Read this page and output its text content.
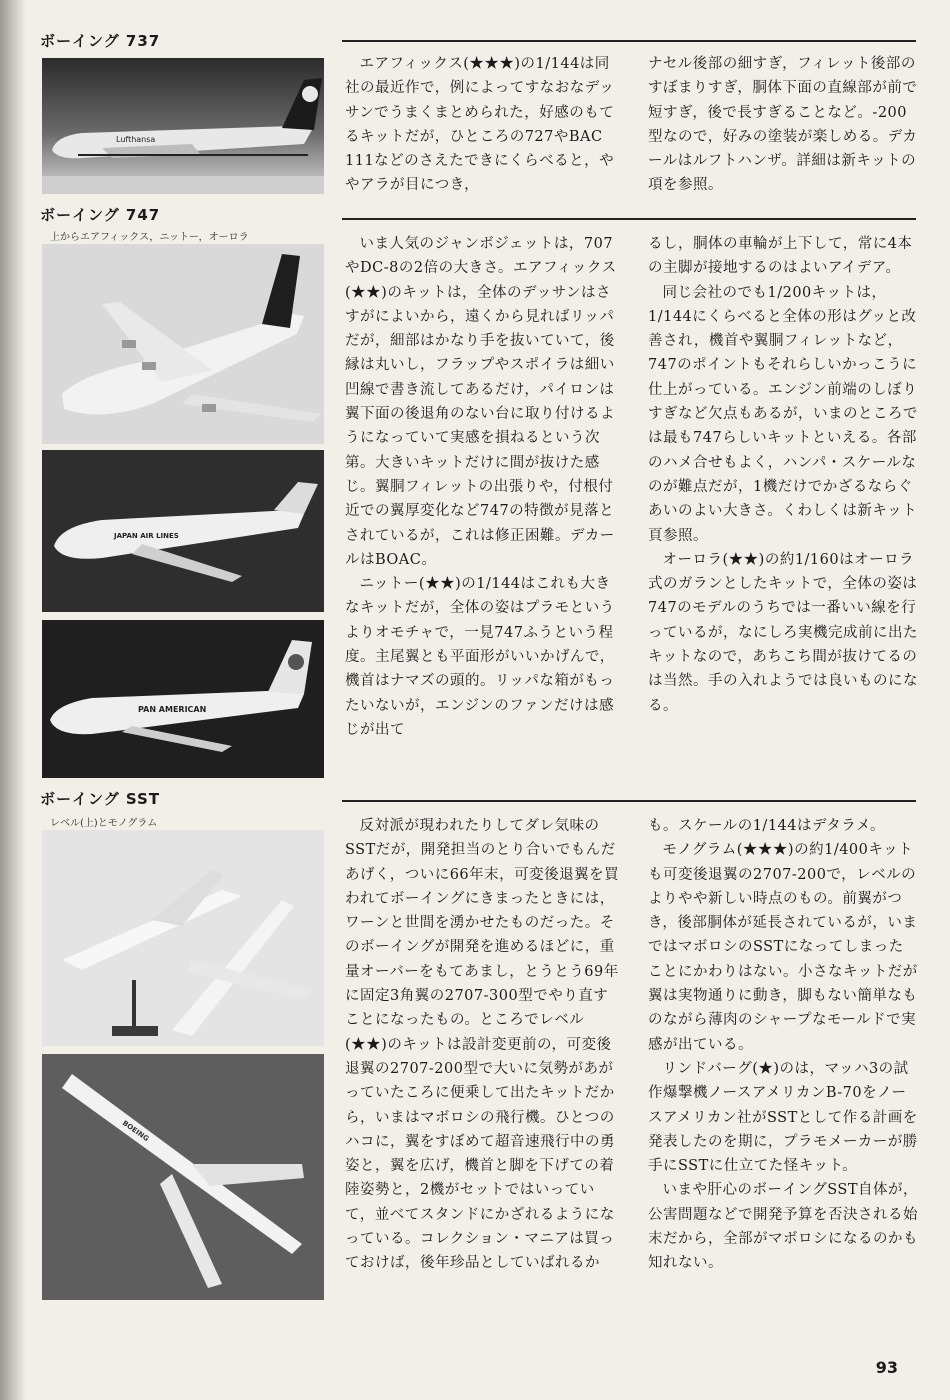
ボーイング 737
Lufthansa

エアフィックス(★★★)の1/144は同社の最近作で，例によってすなおなデッサンでうまくまとめられた，好感のもてるキットだが，ひところの727やBAC 111などのさえたできにくらべると，ややアラが目につき，

ナセル後部の細すぎ，フィレット後部のすぼまりすぎ，胴体下面の直線部が前で短すぎ，後で長すぎることなど。-200型なので，好みの塗装が楽しめる。デカールはルフトハンザ。詳細は新キットの項を参照。

ボーイング 747
上からエアフィックス，ニットー，オーロラ
JAPAN AIR LINES
PAN AMERICAN

いま人気のジャンボジェットは，707やDC-8の2倍の大きさ。エアフィックス(★★)のキットは，全体のデッサンはさすがによいから，遠くから見ればリッパだが，細部はかなり手を抜いていて，後縁は丸いし，フラップやスポイラは細い凹線で書き流してあるだけ，パイロンは翼下面の後退角のない台に取り付けるようになっていて実感を損ねるという次第。大きいキットだけに間が抜けた感じ。翼胴フィレットの出張りや，付根付近での翼厚変化など747の特徴が見落とされているが，これは修正困難。デカールはBOAC。

ニットー(★★)の1/144はこれも大きなキットだが，全体の姿はプラモというよりオモチャで，一見747ふうという程度。主尾翼とも平面形がいいかげんで，機首はナマズの頭的。リッパな箱がもったいないが，エンジンのファンだけは感じが出て

るし，胴体の車輪が上下して，常に4本の主脚が接地するのはよいアイデア。

同じ会社のでも1/200キットは，1/144にくらべると全体の形はグッと改善され，機首や翼胴フィレットなど，747のポイントもそれらしいかっこうに仕上がっている。エンジン前端のしぼりすぎなど欠点もあるが，いまのところでは最も747らしいキットといえる。各部のハメ合せもよく，ハンパ・スケールなのが難点だが，1機だけでかざるならぐあいのよい大きさ。くわしくは新キット頁参照。

オーロラ(★★)の約1/160はオーロラ式のガランとしたキットで，全体の姿は747のモデルのうちでは一番いい線を行っているが，なにしろ実機完成前に出たキットなので，あちこち間が抜けてるのは当然。手の入れようでは良いものになる。

ボーイング SST
レベル(上)とモノグラム
BOEING

反対派が現われたりしてダレ気味のSSTだが，開発担当のとり合いでもんだあげく，ついに66年末，可変後退翼を買われてボーイングにきまったときには，ワーンと世間を湧かせたものだった。そのボーイングが開発を進めるほどに，重量オーバーをもてあまし，とうとう69年に固定3角翼の2707-300型でやり直すことになったもの。ところでレベル(★★)のキットは設計変更前の，可変後退翼の2707-200型で大いに気勢があがっていたころに便乗して出たキットだから，いまはマボロシの飛行機。ひとつのハコに，翼をすぼめて超音速飛行中の勇姿と，翼を広げ，機首と脚を下げての着陸姿勢と，2機がセットではいっていて，並べてスタンドにかざれるようになっている。コレクション・マニアは買っておけば，後年珍品としていばれるか

も。スケールの1/144はデタラメ。

モノグラム(★★★)の約1/400キットも可変後退翼の2707-200で，レベルのよりやや新しい時点のもの。前翼がつき，後部胴体が延長されているが，いまではマボロシのSSTになってしまったことにかわりはない。小さなキットだが翼は実物通りに動き，脚もない簡単なものながら薄肉のシャープなモールドで実感が出ている。

リンドバーグ(★)のは，マッハ3の試作爆撃機ノースアメリカンB-70をノースアメリカン社がSSTとして作る計画を発表したのを期に，プラモメーカーが勝手にSSTに仕立てた怪キット。

いまや肝心のボーイングSST自体が，公害問題などで開発予算を否決される始末だから，全部がマボロシになるのかも知れない。

93
